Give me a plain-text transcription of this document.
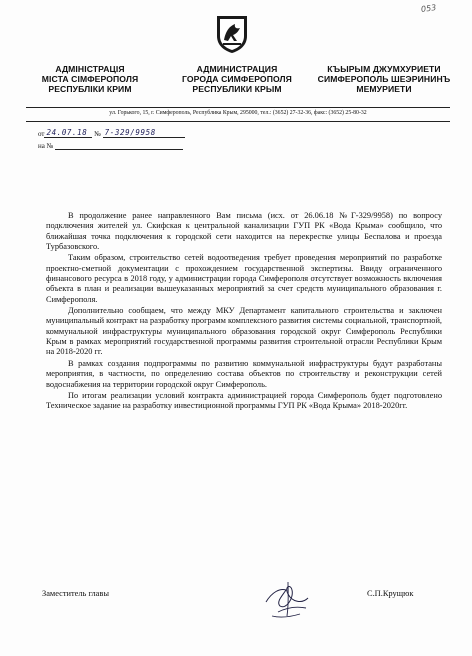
053
АДМІНІСТРАЦІЯ
МІСТА СІМФЕРОПОЛЯ
РЕСПУБЛІКИ КРИМ
АДМИНИСТРАЦИЯ
ГОРОДА СИМФЕРОПОЛЯ
РЕСПУБЛИКИ КРЫМ
КЪЫРЫМ ДЖУМХУРИЕТИ
СИМФЕРОПОЛЬ ШЕЭРИНИНЪ
МЕМУРИЕТИ
ул. Горького, 15, г. Симферополь, Республика Крым, 295000, тел.: (3652) 27-32-36, факс: (3652) 25-80-32
от 24.07.18 № 7-329/9958
на №

В продолжение ранее направленного Вам письма (исх. от 26.06.18 №Г-329/9958) по вопросу подключения жителей ул. Скифская к центральной канализации ГУП РК «Вода Крыма» сообщило, что ближайшая точка подключения к городской сети находится на перекрестке улицы Беспалова и проезда Турбазовского.

Таким образом, строительство сетей водоотведения требует проведения мероприятий по разработке проектно-сметной документации с прохождением государственной экспертизы. Ввиду ограниченного финансового ресурса в 2018 году, у администрации города Симферополя отсутствует возможность включения объекта в план и реализации вышеуказанных мероприятий за счет средств муниципального образования г. Симферополя.

Дополнительно сообщаем, что между МКУ Департамент капитального строительства и заключен муниципальный контракт на разработку программ комплексного развития системы социальной, транспортной, коммунальной инфраструктуры муниципального образования городской округ Симферополь Республики Крым в рамках мероприятий государственной программы развития строительной отрасли Республики Крым на 2018-2020 гг.

В рамках создания подпрограммы по развитию коммунальной инфраструктуры будут разработаны мероприятия, в частности, по определению состава объектов по строительству и реконструкции сетей водоснабжения на территории городской округ Симферополь.

По итогам реализации условий контракта администрацией города Симферополь будет подготовлено Техническое задание на разработку инвестиционной программы ГУП РК «Вода Крыма» 2018-2020гг.

Заместитель главы	С.П.Крущюк
